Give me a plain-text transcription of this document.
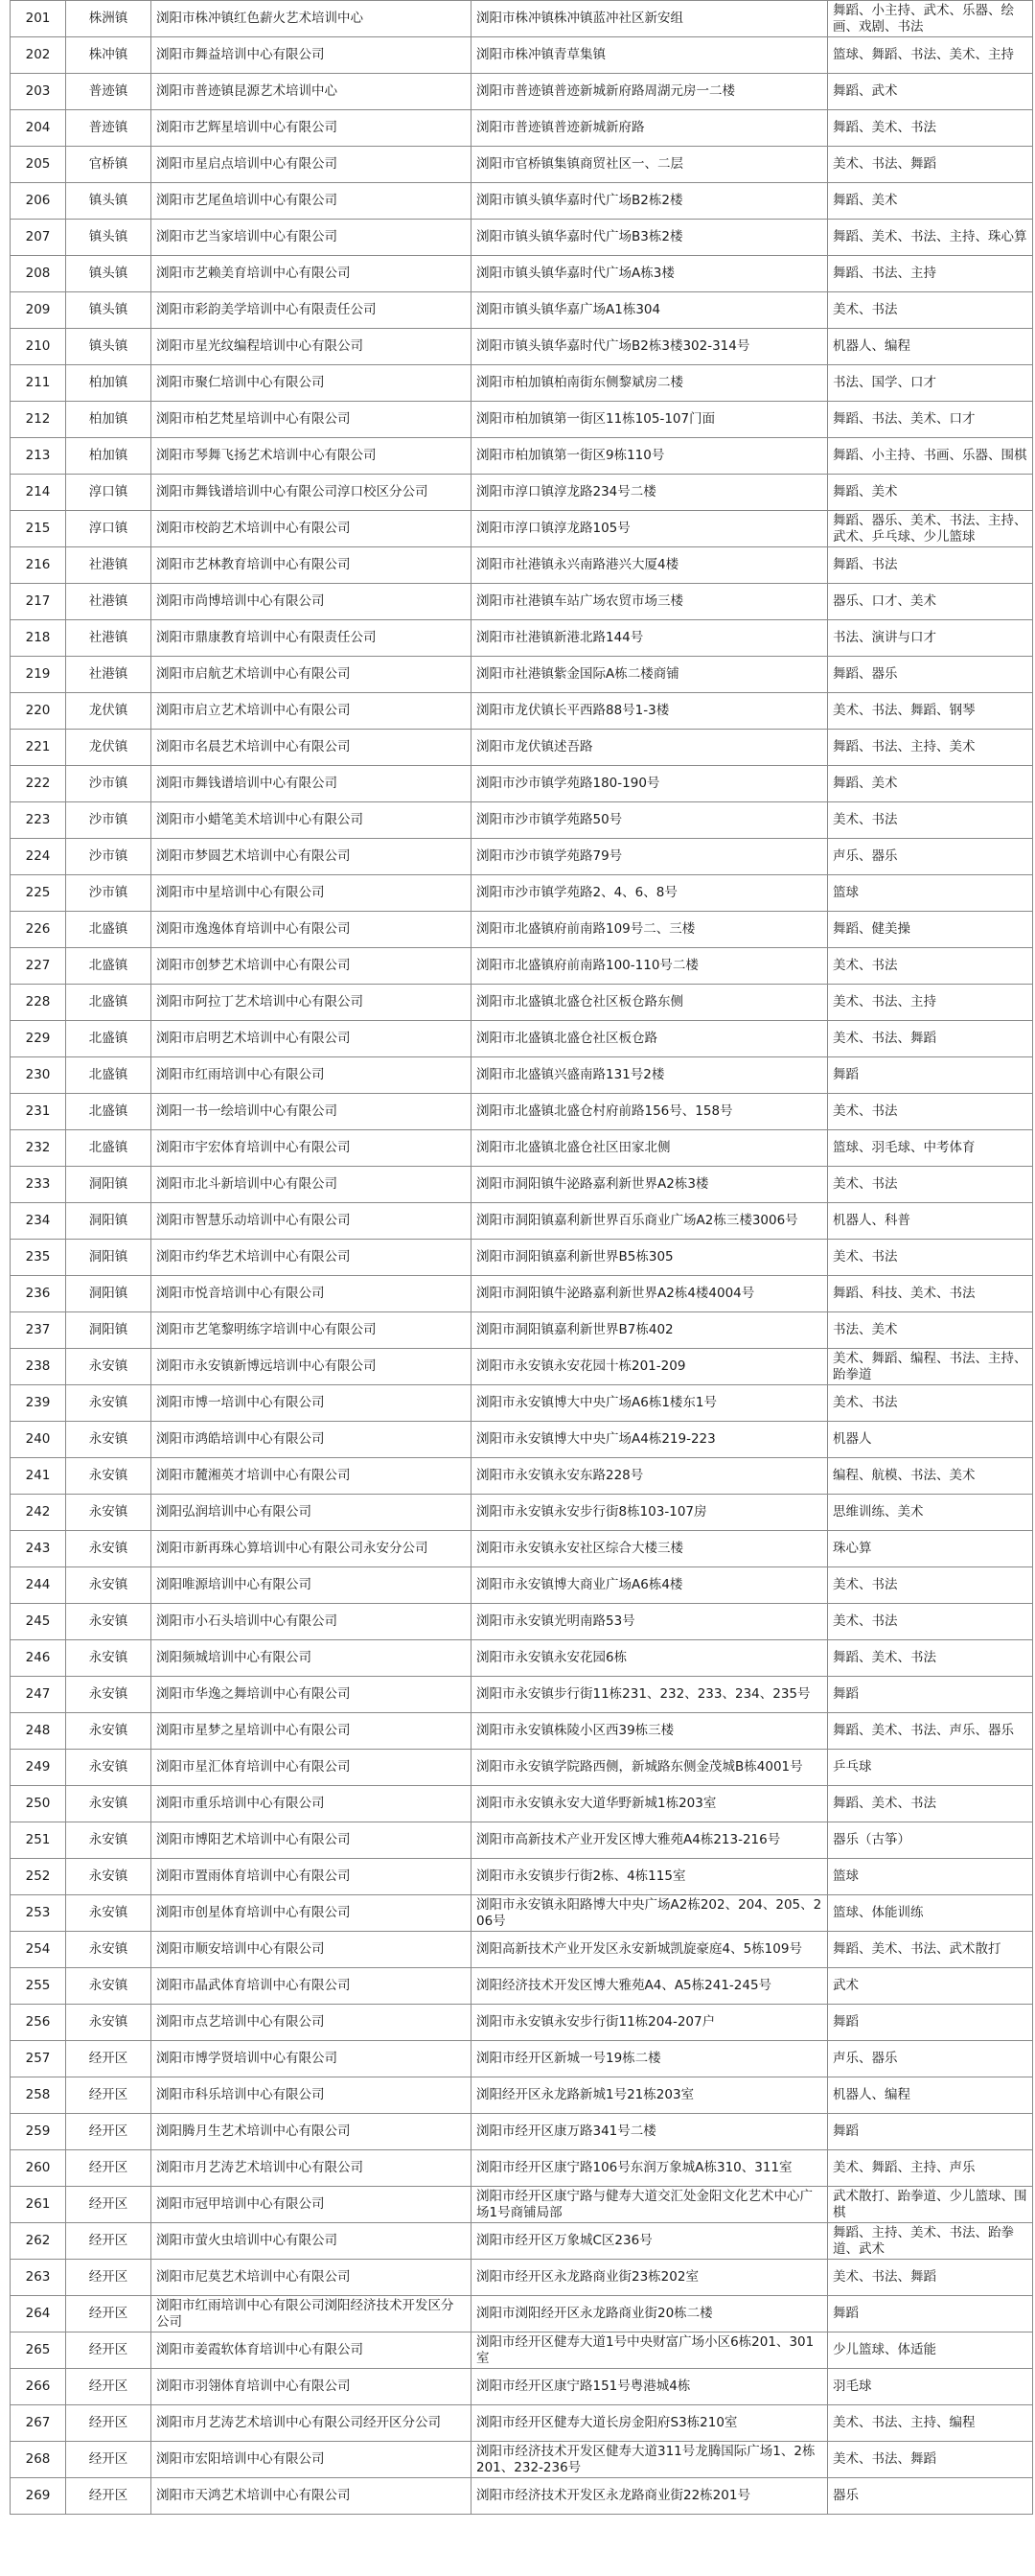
201	株洲镇	浏阳市株冲镇红色薪火艺术培训中心	浏阳市株冲镇株冲镇蓝冲社区新安组	舞蹈、小主持、武术、乐器、绘画、戏剧、书法
202	株冲镇	浏阳市舞益培训中心有限公司	浏阳市株冲镇青草集镇	篮球、舞蹈、书法、美术、主持
203	普迹镇	浏阳市普迹镇昆源艺术培训中心	浏阳市普迹镇普迹新城新府路周湖元房一二楼	舞蹈、武术
204	普迹镇	浏阳市艺辉星培训中心有限公司	浏阳市普迹镇普迹新城新府路	舞蹈、美术、书法
205	官桥镇	浏阳市星启点培训中心有限公司	浏阳市官桥镇集镇商贸社区一、二层	美术、书法、舞蹈
206	镇头镇	浏阳市艺尾鱼培训中心有限公司	浏阳市镇头镇华嘉时代广场B2栋2楼	舞蹈、美术
207	镇头镇	浏阳市艺当家培训中心有限公司	浏阳市镇头镇华嘉时代广场B3栋2楼	舞蹈、美术、书法、主持、珠心算
208	镇头镇	浏阳市艺赖美育培训中心有限公司	浏阳市镇头镇华嘉时代广场A栋3楼	舞蹈、书法、主持
209	镇头镇	浏阳市彩韵美学培训中心有限责任公司	浏阳市镇头镇华嘉广场A1栋304	美术、书法
210	镇头镇	浏阳市星光纹编程培训中心有限公司	浏阳市镇头镇华嘉时代广场B2栋3楼302-314号	机器人、编程
211	柏加镇	浏阳市聚仁培训中心有限公司	浏阳市柏加镇柏南街东侧黎斌房二楼	书法、国学、口才
212	柏加镇	浏阳市柏艺梵星培训中心有限公司	浏阳市柏加镇第一街区11栋105-107门面	舞蹈、书法、美术、口才
213	柏加镇	浏阳市琴舞飞扬艺术培训中心有限公司	浏阳市柏加镇第一街区9栋110号	舞蹈、小主持、书画、乐器、围棋
214	淳口镇	浏阳市舞钱谱培训中心有限公司淳口校区分公司	浏阳市淳口镇淳龙路234号二楼	舞蹈、美术
215	淳口镇	浏阳市校韵艺术培训中心有限公司	浏阳市淳口镇淳龙路105号	舞蹈、器乐、美术、书法、主持、武术、乒乓球、少儿篮球
216	社港镇	浏阳市艺林教育培训中心有限公司	浏阳市社港镇永兴南路港兴大厦4楼	舞蹈、书法
217	社港镇	浏阳市尚博培训中心有限公司	浏阳市社港镇车站广场农贸市场三楼	器乐、口才、美术
218	社港镇	浏阳市鼎康教育培训中心有限责任公司	浏阳市社港镇新港北路144号	书法、演讲与口才
219	社港镇	浏阳市启航艺术培训中心有限公司	浏阳市社港镇紫金国际A栋二楼商铺	舞蹈、器乐
220	龙伏镇	浏阳市启立艺术培训中心有限公司	浏阳市龙伏镇长平西路88号1-3楼	美术、书法、舞蹈、钢琴
221	龙伏镇	浏阳市名晨艺术培训中心有限公司	浏阳市龙伏镇述吾路	舞蹈、书法、主持、美术
222	沙市镇	浏阳市舞钱谱培训中心有限公司	浏阳市沙市镇学苑路180-190号	舞蹈、美术
223	沙市镇	浏阳市小蜡笔美术培训中心有限公司	浏阳市沙市镇学苑路50号	美术、书法
224	沙市镇	浏阳市梦圆艺术培训中心有限公司	浏阳市沙市镇学苑路79号	声乐、器乐
225	沙市镇	浏阳市中星培训中心有限公司	浏阳市沙市镇学苑路2、4、6、8号	篮球
226	北盛镇	浏阳市逸逸体育培训中心有限公司	浏阳市北盛镇府前南路109号二、三楼	舞蹈、健美操
227	北盛镇	浏阳市创梦艺术培训中心有限公司	浏阳市北盛镇府前南路100-110号二楼	美术、书法
228	北盛镇	浏阳市阿拉丁艺术培训中心有限公司	浏阳市北盛镇北盛仓社区板仓路东侧	美术、书法、主持
229	北盛镇	浏阳市启明艺术培训中心有限公司	浏阳市北盛镇北盛仓社区板仓路	美术、书法、舞蹈
230	北盛镇	浏阳市红雨培训中心有限公司	浏阳市北盛镇兴盛南路131号2楼	舞蹈
231	北盛镇	浏阳一书一绘培训中心有限公司	浏阳市北盛镇北盛仓村府前路156号、158号	美术、书法
232	北盛镇	浏阳市宇宏体育培训中心有限公司	浏阳市北盛镇北盛仓社区田家北侧	篮球、羽毛球、中考体育
233	洞阳镇	浏阳市北斗新培训中心有限公司	浏阳市洞阳镇牛泌路嘉利新世界A2栋3楼	美术、书法
234	洞阳镇	浏阳市智慧乐动培训中心有限公司	浏阳市洞阳镇嘉利新世界百乐商业广场A2栋三楼3006号	机器人、科普
235	洞阳镇	浏阳市约华艺术培训中心有限公司	浏阳市洞阳镇嘉利新世界B5栋305	美术、书法
236	洞阳镇	浏阳市悦音培训中心有限公司	浏阳市洞阳镇牛泌路嘉利新世界A2栋4楼4004号	舞蹈、科技、美术、书法
237	洞阳镇	浏阳市艺笔黎明练字培训中心有限公司	浏阳市洞阳镇嘉利新世界B7栋402	书法、美术
238	永安镇	浏阳市永安镇新博远培训中心有限公司	浏阳市永安镇永安花园十栋201-209	美术、舞蹈、编程、书法、主持、跆拳道
239	永安镇	浏阳市博一培训中心有限公司	浏阳市永安镇博大中央广场A6栋1楼东1号	美术、书法
240	永安镇	浏阳市鸿皓培训中心有限公司	浏阳市永安镇博大中央广场A4栋219-223	机器人
241	永安镇	浏阳市麓湘英才培训中心有限公司	浏阳市永安镇永安东路228号	编程、航模、书法、美术
242	永安镇	浏阳弘润培训中心有限公司	浏阳市永安镇永安步行街8栋103-107房	思维训练、美术
243	永安镇	浏阳市新再珠心算培训中心有限公司永安分公司	浏阳市永安镇永安社区综合大楼三楼	珠心算
244	永安镇	浏阳唯源培训中心有限公司	浏阳市永安镇博大商业广场A6栋4楼	美术、书法
245	永安镇	浏阳市小石头培训中心有限公司	浏阳市永安镇光明南路53号	美术、书法
246	永安镇	浏阳频城培训中心有限公司	浏阳市永安镇永安花园6栋	舞蹈、美术、书法
247	永安镇	浏阳市华逸之舞培训中心有限公司	浏阳市永安镇步行街11栋231、232、233、234、235号	舞蹈
248	永安镇	浏阳市星梦之星培训中心有限公司	浏阳市永安镇株陵小区西39栋三楼	舞蹈、美术、书法、声乐、器乐
249	永安镇	浏阳市星汇体育培训中心有限公司	浏阳市永安镇学院路西侧，新城路东侧金茂城B栋4001号	乒乓球
250	永安镇	浏阳市重乐培训中心有限公司	浏阳市永安镇永安大道华野新城1栋203室	舞蹈、美术、书法
251	永安镇	浏阳市博阳艺术培训中心有限公司	浏阳市高新技术产业开发区博大雅苑A4栋213-216号	器乐（古筝）
252	永安镇	浏阳市置雨体育培训中心有限公司	浏阳市永安镇步行街2栋、4栋115室	篮球
253	永安镇	浏阳市创星体育培训中心有限公司	浏阳市永安镇永阳路博大中央广场A2栋202、204、205、206号	篮球、体能训练
254	永安镇	浏阳市顺安培训中心有限公司	浏阳高新技术产业开发区永安新城凯旋豪庭4、5栋109号	舞蹈、美术、书法、武术散打
255	永安镇	浏阳市晶武体育培训中心有限公司	浏阳经济技术开发区博大雅苑A4、A5栋241-245号	武术
256	永安镇	浏阳市点艺培训中心有限公司	浏阳市永安镇永安步行街11栋204-207户	舞蹈
257	经开区	浏阳市博学贤培训中心有限公司	浏阳市经开区新城一号19栋二楼	声乐、器乐
258	经开区	浏阳市科乐培训中心有限公司	浏阳经开区永龙路新城1号21栋203室	机器人、编程
259	经开区	浏阳腾月生艺术培训中心有限公司	浏阳市经开区康万路341号二楼	舞蹈
260	经开区	浏阳市月艺涛艺术培训中心有限公司	浏阳市经开区康宁路106号东润万象城A栋310、311室	美术、舞蹈、主持、声乐
261	经开区	浏阳市冠甲培训中心有限公司	浏阳市经开区康宁路与健寿大道交汇处金阳文化艺术中心广场1号商铺局部	武术散打、跆拳道、少儿篮球、围棋
262	经开区	浏阳市萤火虫培训中心有限公司	浏阳市经开区万象城C区236号	舞蹈、主持、美术、书法、跆拳道、武术
263	经开区	浏阳市尼莫艺术培训中心有限公司	浏阳市经开区永龙路商业街23栋202室	美术、书法、舞蹈
264	经开区	浏阳市红雨培训中心有限公司浏阳经济技术开发区分公司	浏阳市浏阳经开区永龙路商业街20栋二楼	舞蹈
265	经开区	浏阳市姜霞软体育培训中心有限公司	浏阳市经开区健寿大道1号中央财富广场小区6栋201、301室	少儿篮球、体适能
266	经开区	浏阳市羽翎体育培训中心有限公司	浏阳市经开区康宁路151号粤港城4栋	羽毛球
267	经开区	浏阳市月艺涛艺术培训中心有限公司经开区分公司	浏阳市经开区健寿大道长房金阳府S3栋210室	美术、书法、主持、编程
268	经开区	浏阳市宏阳培训中心有限公司	浏阳市经济技术开发区健寿大道311号龙腾国际广场1、2栋201、232-236号	美术、书法、舞蹈
269	经开区	浏阳市天鸿艺术培训中心有限公司	浏阳市经济技术开发区永龙路商业街22栋201号	器乐
